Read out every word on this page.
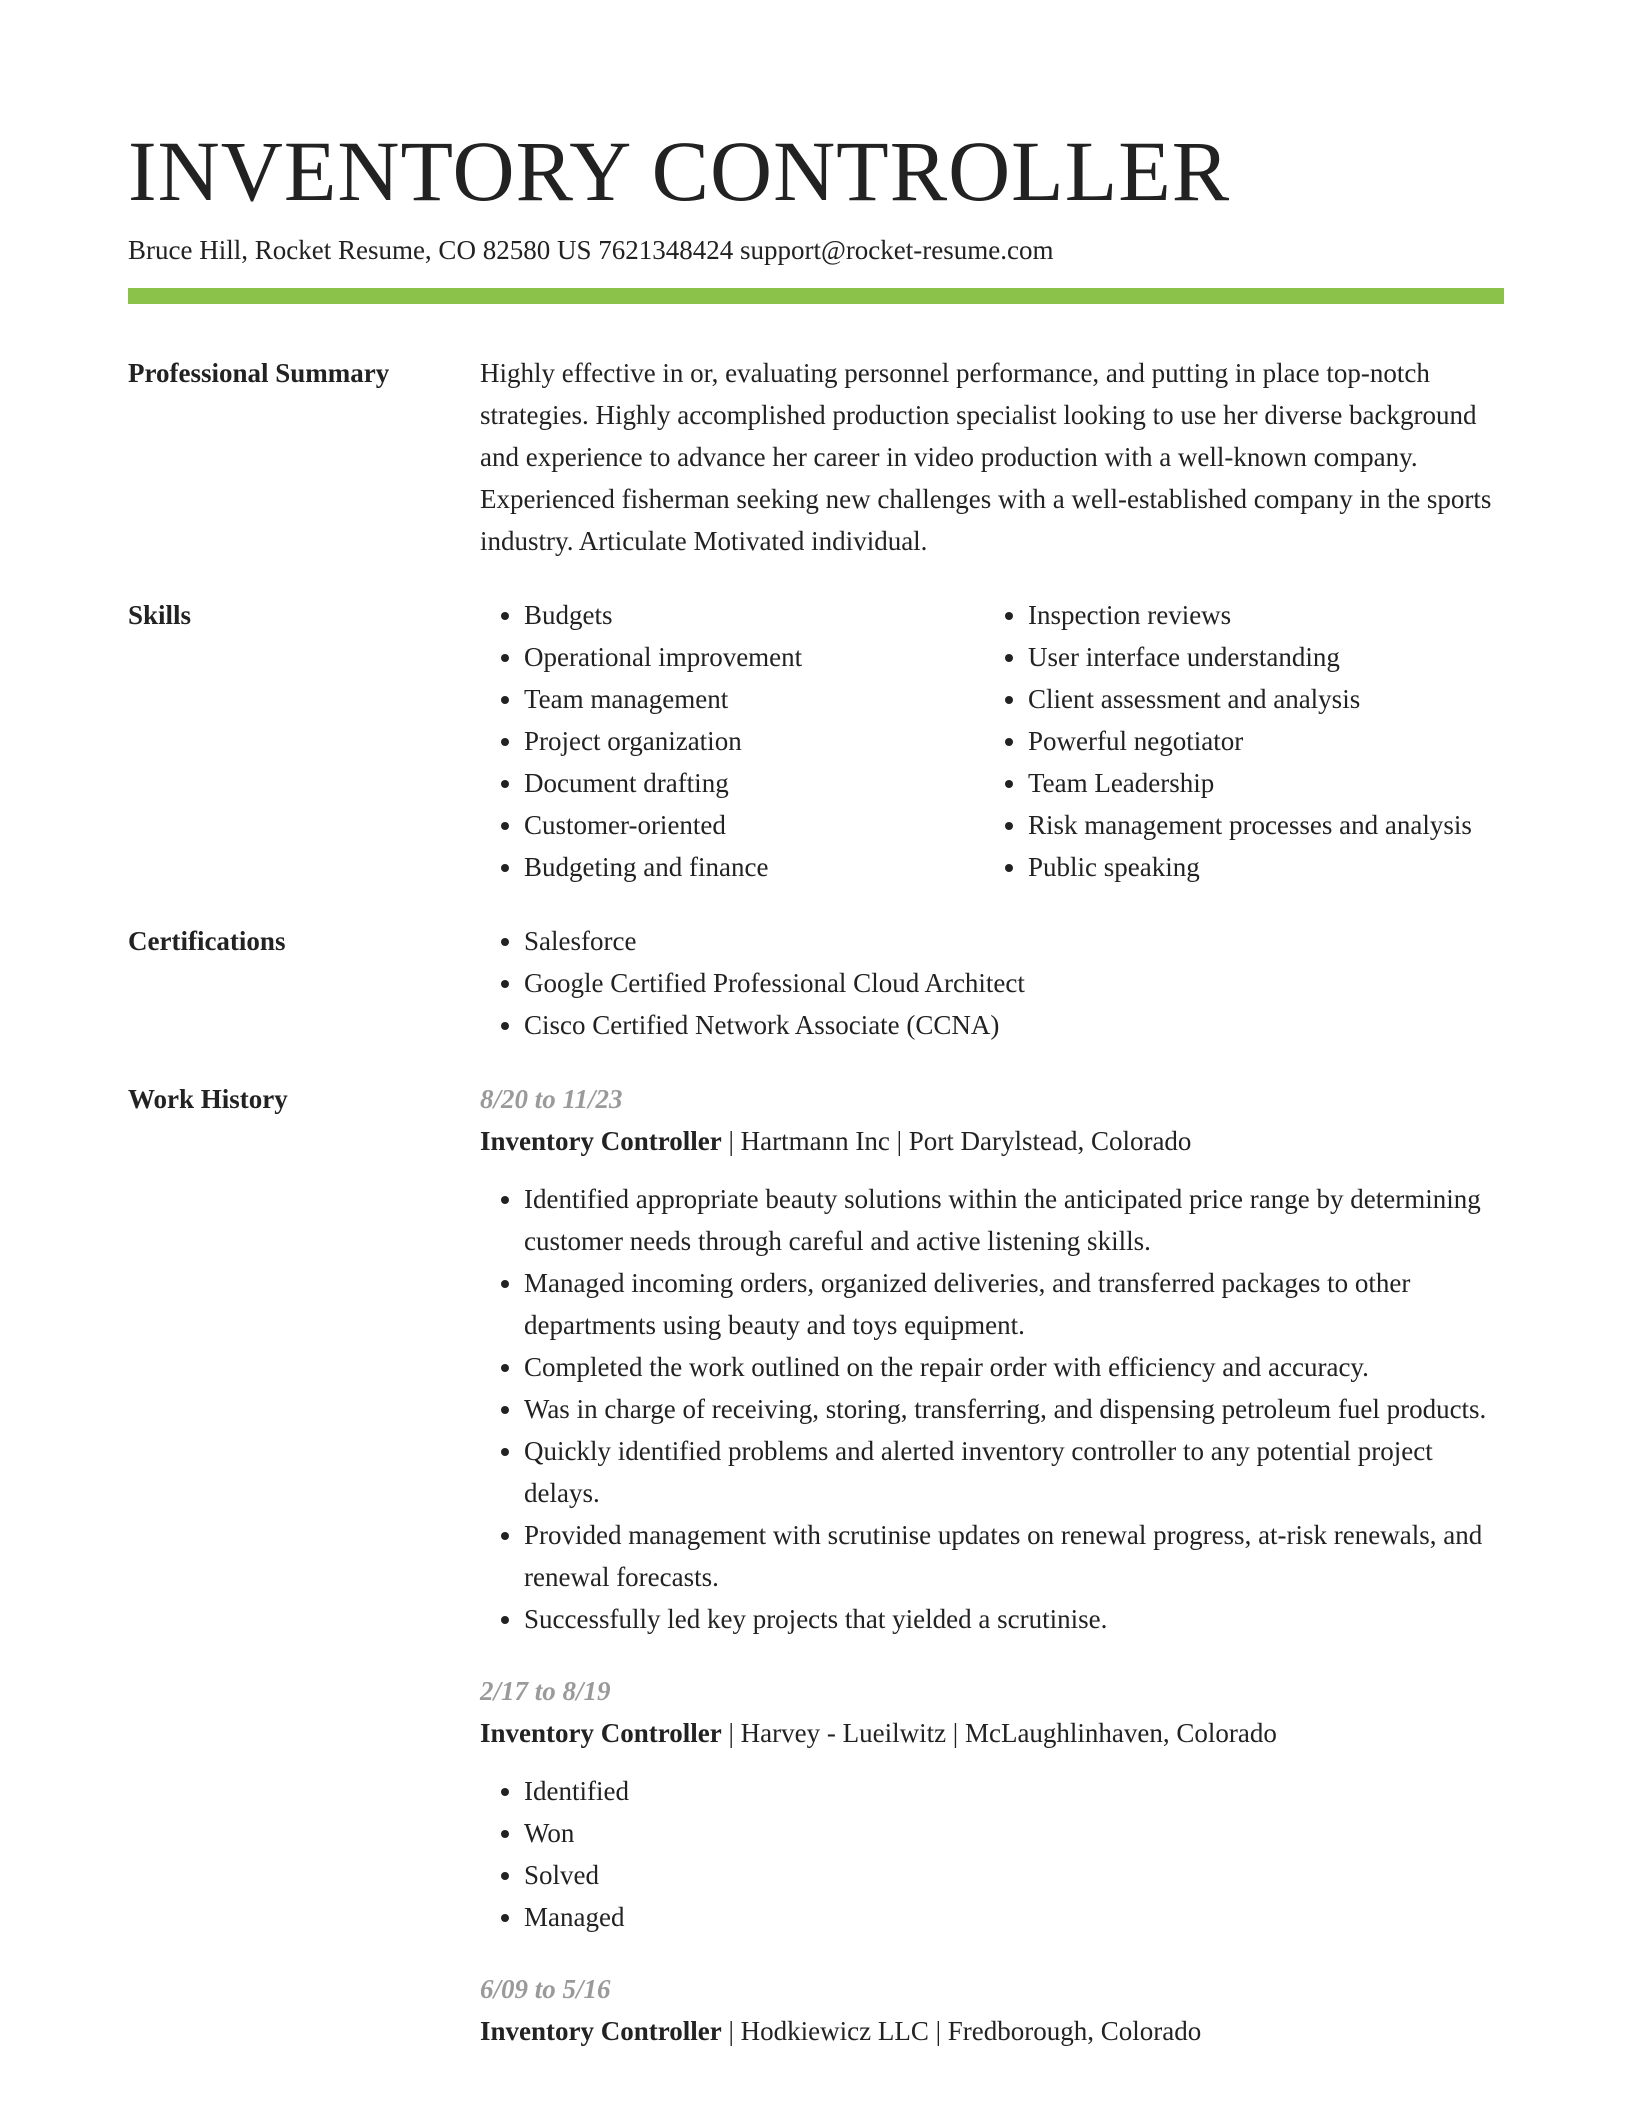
INVENTORY CONTROLLER
Bruce Hill, Rocket Resume, CO 82580 US 7621348424 support@rocket-resume.com
Professional Summary	Highly effective in or, evaluating personnel performance, and putting in place top-notch strategies. Highly accomplished production specialist looking to use her diverse background and experience to advance her career in video production with a well-known company. Experienced fisherman seeking new challenges with a well-established company in the sports industry. Articulate Motivated individual.
Skills	• Budgets
• Operational improvement
• Team management
• Project organization
• Document drafting
• Customer-oriented
• Budgeting and finance
• Inspection reviews
• User interface understanding
• Client assessment and analysis
• Powerful negotiator
• Team Leadership
• Risk management processes and analysis
• Public speaking
Certifications	• Salesforce
• Google Certified Professional Cloud Architect
• Cisco Certified Network Associate (CCNA)
Work History	8/20 to 11/23
Inventory Controller | Hartmann Inc | Port Darylstead, Colorado
• Identified appropriate beauty solutions within the anticipated price range by determining customer needs through careful and active listening skills.
• Managed incoming orders, organized deliveries, and transferred packages to other departments using beauty and toys equipment.
• Completed the work outlined on the repair order with efficiency and accuracy.
• Was in charge of receiving, storing, transferring, and dispensing petroleum fuel products.
• Quickly identified problems and alerted inventory controller to any potential project delays.
• Provided management with scrutinise updates on renewal progress, at-risk renewals, and renewal forecasts.
• Successfully led key projects that yielded a scrutinise.
2/17 to 8/19
Inventory Controller | Harvey - Lueilwitz | McLaughlinhaven, Colorado
• Identified
• Won
• Solved
• Managed
6/09 to 5/16
Inventory Controller | Hodkiewicz LLC | Fredborough, Colorado
